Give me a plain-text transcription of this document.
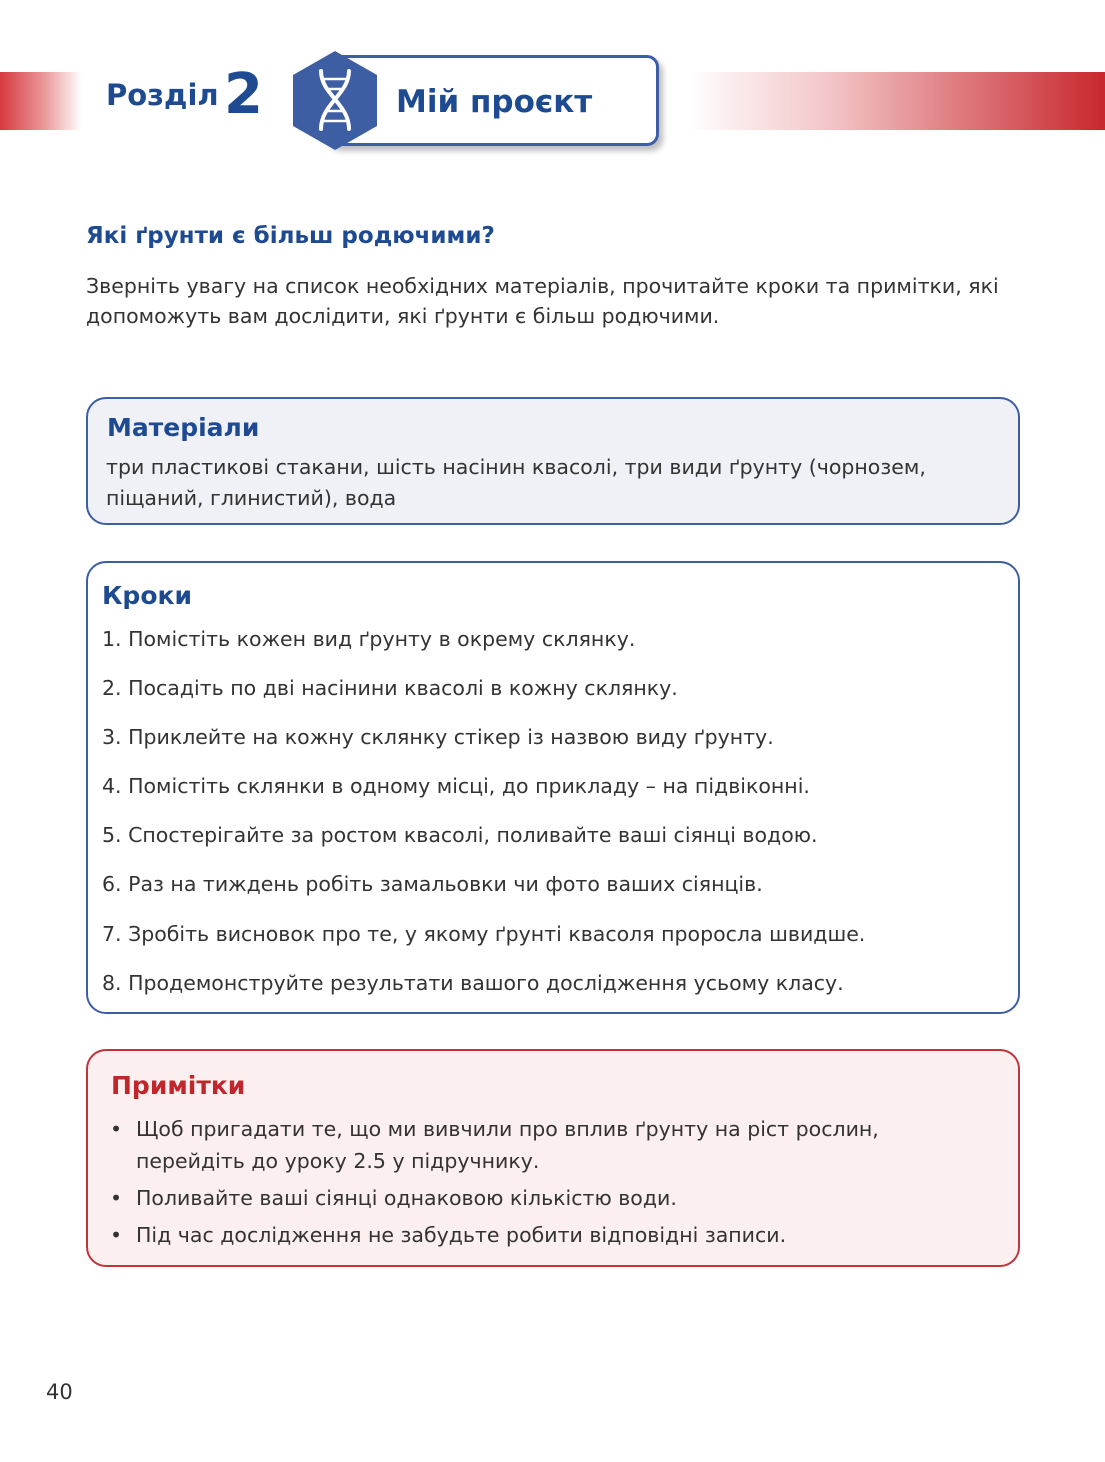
Розділ 2	Мій проєкт
Які ґрунти є більш родючими?
Зверніть увагу на список необхідних матеріалів, прочитайте кроки та примітки, які допоможуть вам дослідити, які ґрунти є більш родючими.
Матеріали
три пластикові стакани, шість насінин квасолі, три види ґрунту (чорнозем, піщаний, глинистий), вода
Кроки
1. Помістіть кожен вид ґрунту в окрему склянку.
2. Посадіть по дві насінини квасолі в кожну склянку.
3. Приклейте на кожну склянку стікер із назвою виду ґрунту.
4. Помістіть склянки в одному місці, до прикладу – на підвіконні.
5. Спостерігайте за ростом квасолі, поливайте ваші сіянці водою.
6. Раз на тиждень робіть замальовки чи фото ваших сіянців.
7. Зробіть висновок про те, у якому ґрунті квасоля проросла швидше.
8. Продемонструйте результати вашого дослідження усьому класу.
Примітки
• Щоб пригадати те, що ми вивчили про вплив ґрунту на ріст рослин, перейдіть до уроку 2.5 у підручнику.
• Поливайте ваші сіянці однаковою кількістю води.
• Під час дослідження не забудьте робити відповідні записи.
40
